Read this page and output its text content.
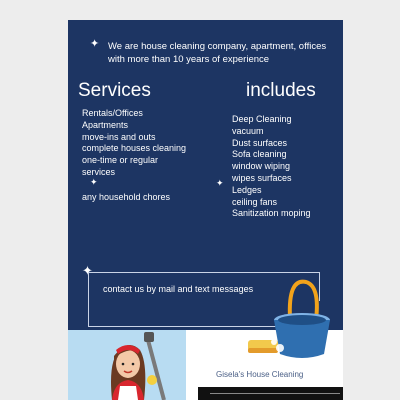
✦ We are house cleaning company, apartment, offices
with more than 10 years of experience
Services	includes
Rentals/Offices
Apartments
move-ins and outs
complete houses cleaning
one-time or regular
services
any household chores
✦
Deep Cleaning
vacuum
Dust surfaces
Sofa cleaning
window wiping
wipes surfaces
Ledges
ceiling fans
Sanitization moping
✦
✦
contact us by mail and text messages
Gisela's House Cleaning
